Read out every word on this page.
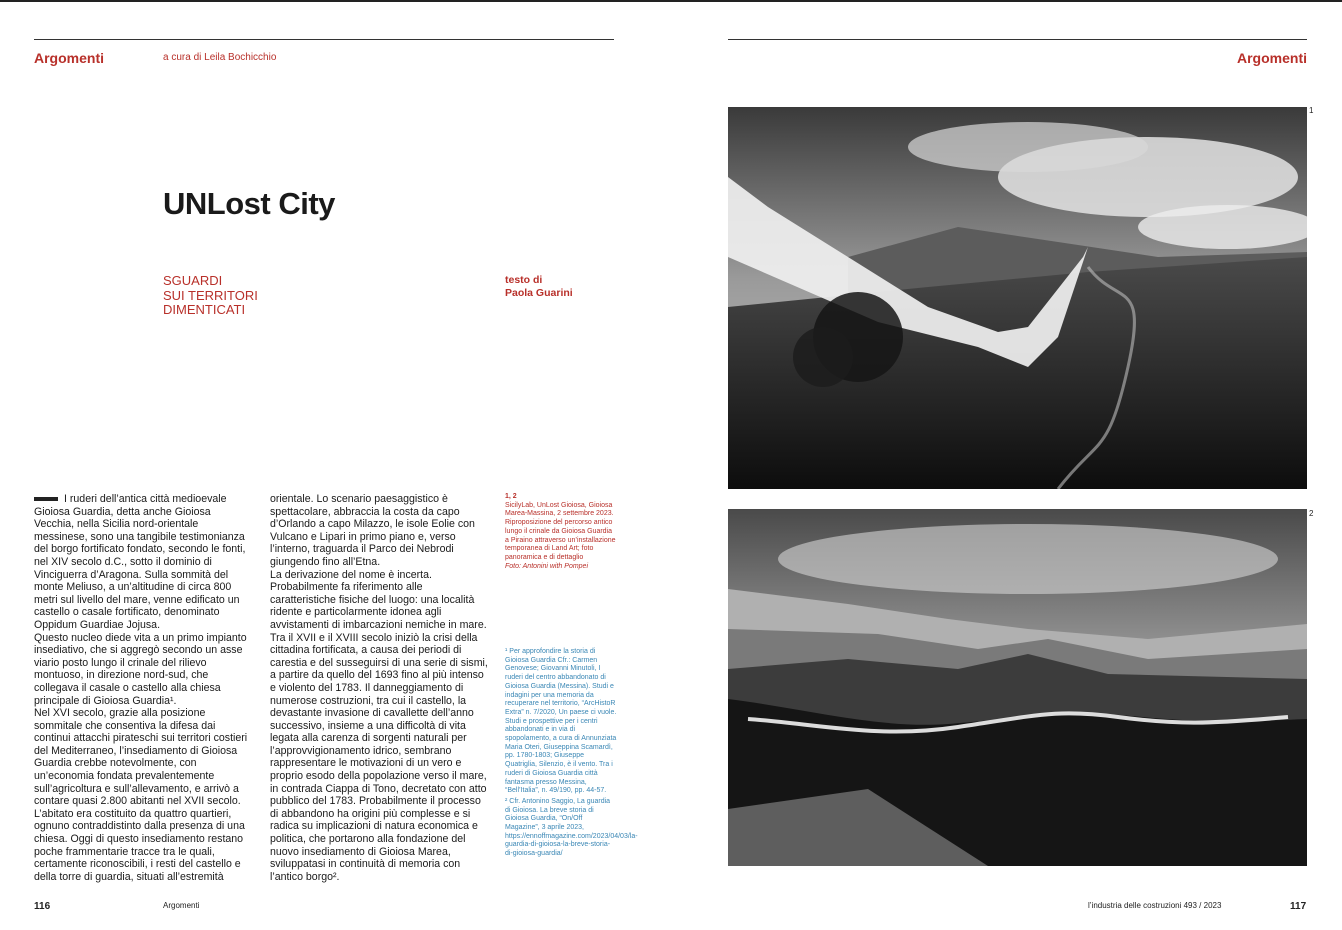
Argomenti	a cura di Leila Bochicchio
UNLost City
SGUARDI
SUI TERRITORI
DIMENTICATI
testo di
Paola Guarini

I ruderi dell’antica città medioevale Gioiosa Guardia, detta anche Gioiosa Vecchia, nella Sicilia nord-orientale messinese, sono una tangibile testimonianza del borgo fortificato fondato, secondo le fonti, nel XIV secolo d.C., sotto il dominio di Vinciguerra d’Aragona. Sulla sommità del monte Meliuso, a un’altitudine di circa 800 metri sul livello del mare, venne edificato un castello o casale fortificato, denominato Oppidum Guardiae Jojusa.

Questo nucleo diede vita a un primo impianto insediativo, che si aggregò secondo un asse viario posto lungo il crinale del rilievo montuoso, in direzione nord-sud, che collegava il casale o castello alla chiesa principale di Gioiosa Guardia¹.

Nel XVI secolo, grazie alla posizione sommitale che consentiva la difesa dai continui attacchi pirateschi sui territori costieri del Mediterraneo, l’insediamento di Gioiosa Guardia crebbe notevolmente, con un’economia fondata prevalentemente sull’agricoltura e sull’allevamento, e arrivò a contare quasi 2.800 abitanti nel XVII secolo.

L’abitato era costituito da quattro quartieri, ognuno contraddistinto dalla presenza di una chiesa. Oggi di questo insediamento restano poche frammentarie tracce tra le quali, certamente riconoscibili, i resti del castello e della torre di guardia, situati all’estremità

orientale. Lo scenario paesaggistico è spettacolare, abbraccia la costa da capo d’Orlando a capo Milazzo, le isole Eolie con Vulcano e Lipari in primo piano e, verso l’interno, traguarda il Parco dei Nebrodi giungendo fino all’Etna.

La derivazione del nome è incerta. Probabilmente fa riferimento alle caratteristiche fisiche del luogo: una località ridente e particolarmente idonea agli avvistamenti di imbarcazioni nemiche in mare.

Tra il XVII e il XVIII secolo iniziò la crisi della cittadina fortificata, a causa dei periodi di carestia e del susseguirsi di una serie di sismi, a partire da quello del 1693 fino al più intenso e violento del 1783. Il danneggiamento di numerose costruzioni, tra cui il castello, la devastante invasione di cavallette dell’anno successivo, insieme a una difficoltà di vita legata alla carenza di sorgenti naturali per l’approvvigionamento idrico, sembrano rappresentare le motivazioni di un vero e proprio esodo della popolazione verso il mare, in contrada Ciappa di Tono, decretato con atto pubblico del 1783. Probabilmente il processo di abbandono ha origini più complesse e si radica su implicazioni di natura economica e politica, che portarono alla fondazione del nuovo insediamento di Gioiosa Marea, sviluppatasi in continuità di memoria con l’antico borgo².

1, 2
SicilyLab, UnLost Gioiosa, Gioiosa Marea-Massina, 2 settembre 2023. Riproposizione del percorso antico lungo il crinale da Gioiosa Guardia a Piraino attraverso un’installazione temporanea di Land Art; foto panoramica e di dettaglio
Foto: Antonini with Pompei

¹ Per approfondire la storia di Gioiosa Guardia Cfr.: Carmen Genovese; Giovanni Minutoli, I ruderi del centro abbandonato di Gioiosa Guardia (Messina). Studi e indagini per una memoria da recuperare nel territorio, “ArcHistoR Extra” n. 7/2020, Un paese ci vuole. Studi e prospettive per i centri abbandonati e in via di spopolamento, a cura di Annunziata Maria Oteri, Giuseppina Scamardì, pp. 1780-1803; Giuseppe Quatriglia, Silenzio, è il vento. Tra i ruderi di Gioiosa Guardia città fantasma presso Messina, “Bell’Italia”, n. 49/190, pp. 44-57.

² Cfr. Antonino Saggio, La guardia di Gioiosa. La breve storia di Gioiosa Guardia, “On/Off Magazine”, 3 aprile 2023, https://ennoffmagazine.com/2023/04/03/la-guardia-di-gioiosa-la-breve-storia-di-gioiosa-guardia/

116	Argomenti
Argomenti
1
2
l’industria delle costruzioni 493 / 2023	117
